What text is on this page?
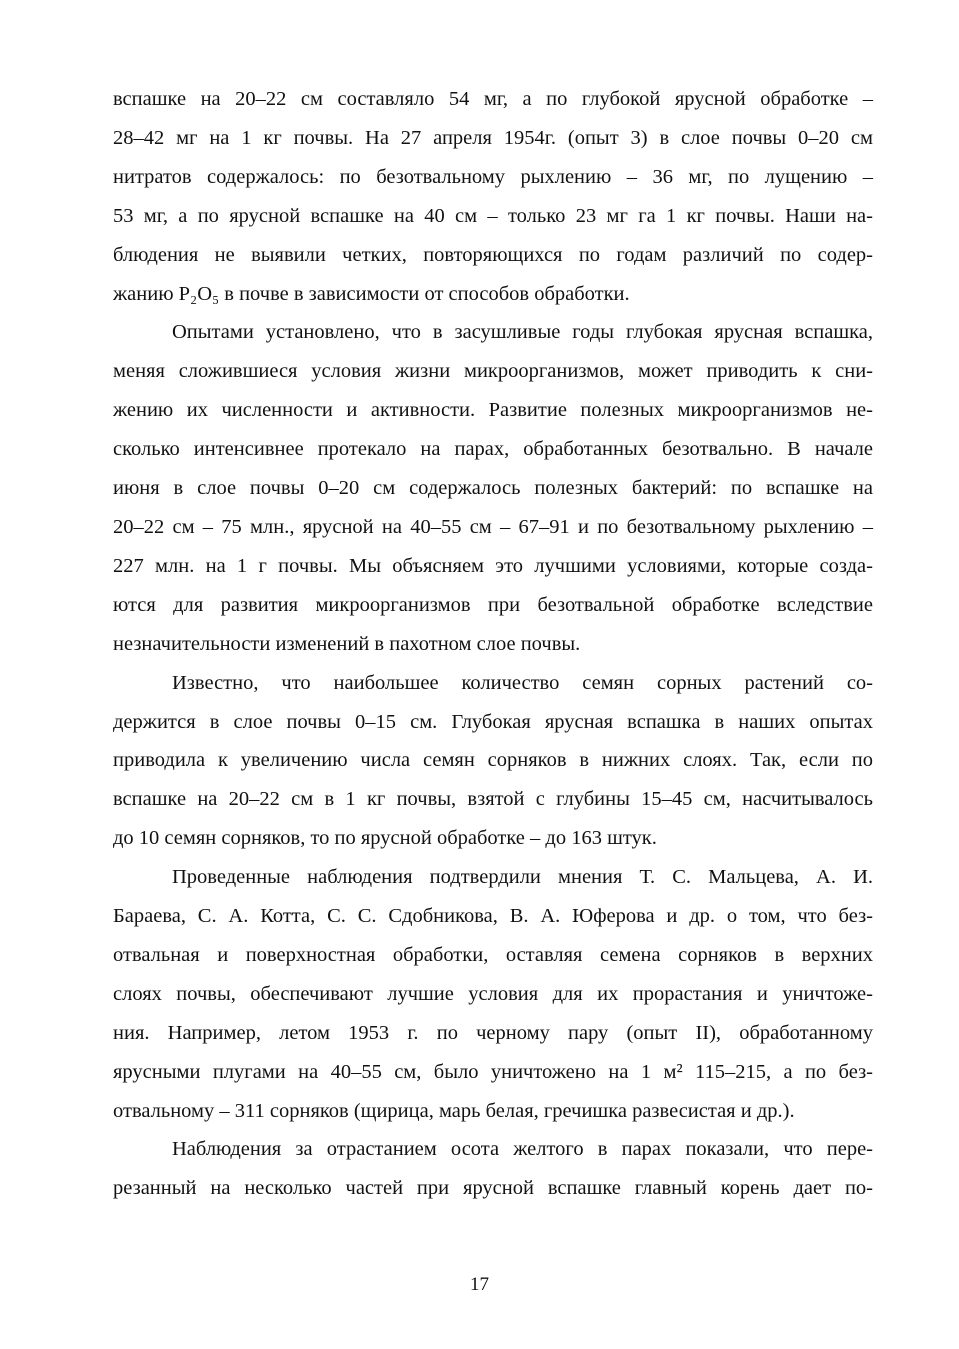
вспашке на 20–22 см составляло 54 мг, а по глубокой ярусной обработке –
28–42 мг на 1 кг почвы. На 27 апреля 1954г. (опыт 3) в слое почвы 0–20 см
нитратов содержалось: по безотвальному рыхлению – 36 мг, по лущению –
53 мг, а по ярусной вспашке на 40 см – только 23 мг га 1 кг почвы. Наши на-
блюдения не выявили четких, повторяющихся по годам различий по содер-
жанию P₂O₅ в почве в зависимости от способов обработки.

Опытами установлено, что в засушливые годы глубокая ярусная вспашка,
меняя сложившиеся условия жизни микроорганизмов, может приводить к сни-
жению их численности и активности. Развитие полезных микроорганизмов не-
сколько интенсивнее протекало на парах, обработанных безотвально. В начале
июня в слое почвы 0–20 см содержалось полезных бактерий: по вспашке на
20–22 см – 75 млн., ярусной на 40–55 см – 67–91 и по безотвальному рыхлению –
227 млн. на 1 г почвы. Мы объясняем это лучшими условиями, которые созда-
ются для развития микроорганизмов при безотвальной обработке вследствие
незначительности изменений в пахотном слое почвы.

Известно, что наибольшее количество семян сорных растений со-
держится в слое почвы 0–15 см. Глубокая ярусная вспашка в наших опытах
приводила к увеличению числа семян сорняков в нижних слоях. Так, если по
вспашке на 20–22 см в 1 кг почвы, взятой с глубины 15–45 см, насчитывалось
до 10 семян сорняков, то по ярусной обработке – до 163 штук.

Проведенные наблюдения подтвердили мнения Т. С. Мальцева, А. И.
Бараева, С. А. Котта, С. С. Сдобникова, В. А. Юферова и др. о том, что без-
отвальная и поверхностная обработки, оставляя семена сорняков в верхних
слоях почвы, обеспечивают лучшие условия для их прорастания и уничтоже-
ния. Например, летом 1953 г. по черному пару (опыт II), обработанному
ярусными плугами на 40–55 см, было уничтожено на 1 м² 115–215, а по без-
отвальному – 311 сорняков (щирица, марь белая, гречишка развесистая и др.).

Наблюдения за отрастанием осота желтого в парах показали, что пере-
резанный на несколько частей при ярусной вспашке главный корень дает по-

17
